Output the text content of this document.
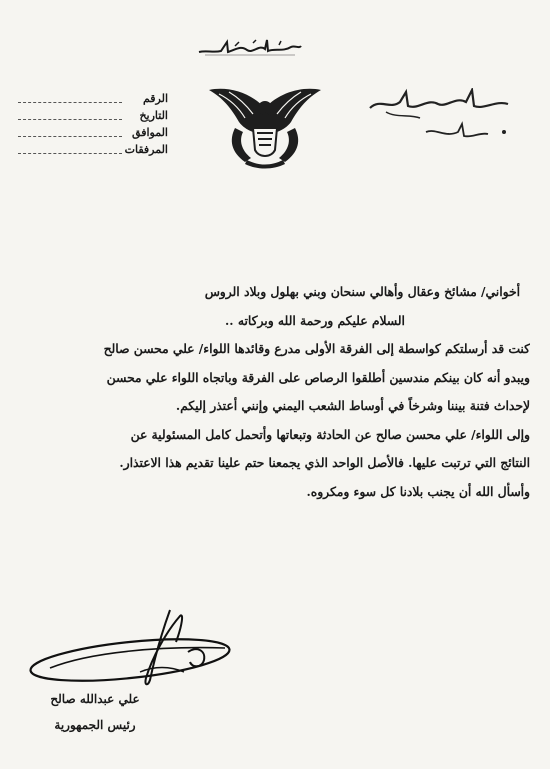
الرقم
التاريخ
الموافق
المرفقات

أخواني/ مشائخ وعقال وأهالي سنحان وبني بهلول وبلاد الروس

السلام عليكم ورحمة الله وبركاته ..

كنت قد أرسلتكم كواسطة إلى الفرقة الأولى مدرع وقائدها اللواء/ علي محسن صالح

ويبدو أنه كان بينكم مندسين أطلقوا الرصاص على الفرقة وباتجاه اللواء علي محسن

لإحداث فتنة بيننا وشرخاً في أوساط الشعب اليمني وإنني أعتذر إليكم.

وإلى اللواء/ علي محسن صالح عن الحادثة وتبعاتها وأتحمل كامل المسئولية عن

النتائج التي ترتبت عليها. فالأصل الواحد الذي يجمعنا حتم علينا تقديم هذا الاعتذار.

وأسأل الله أن يجنب بلادنا كل سوء ومكروه.

علي عبدالله صالح
رئيس الجمهورية
